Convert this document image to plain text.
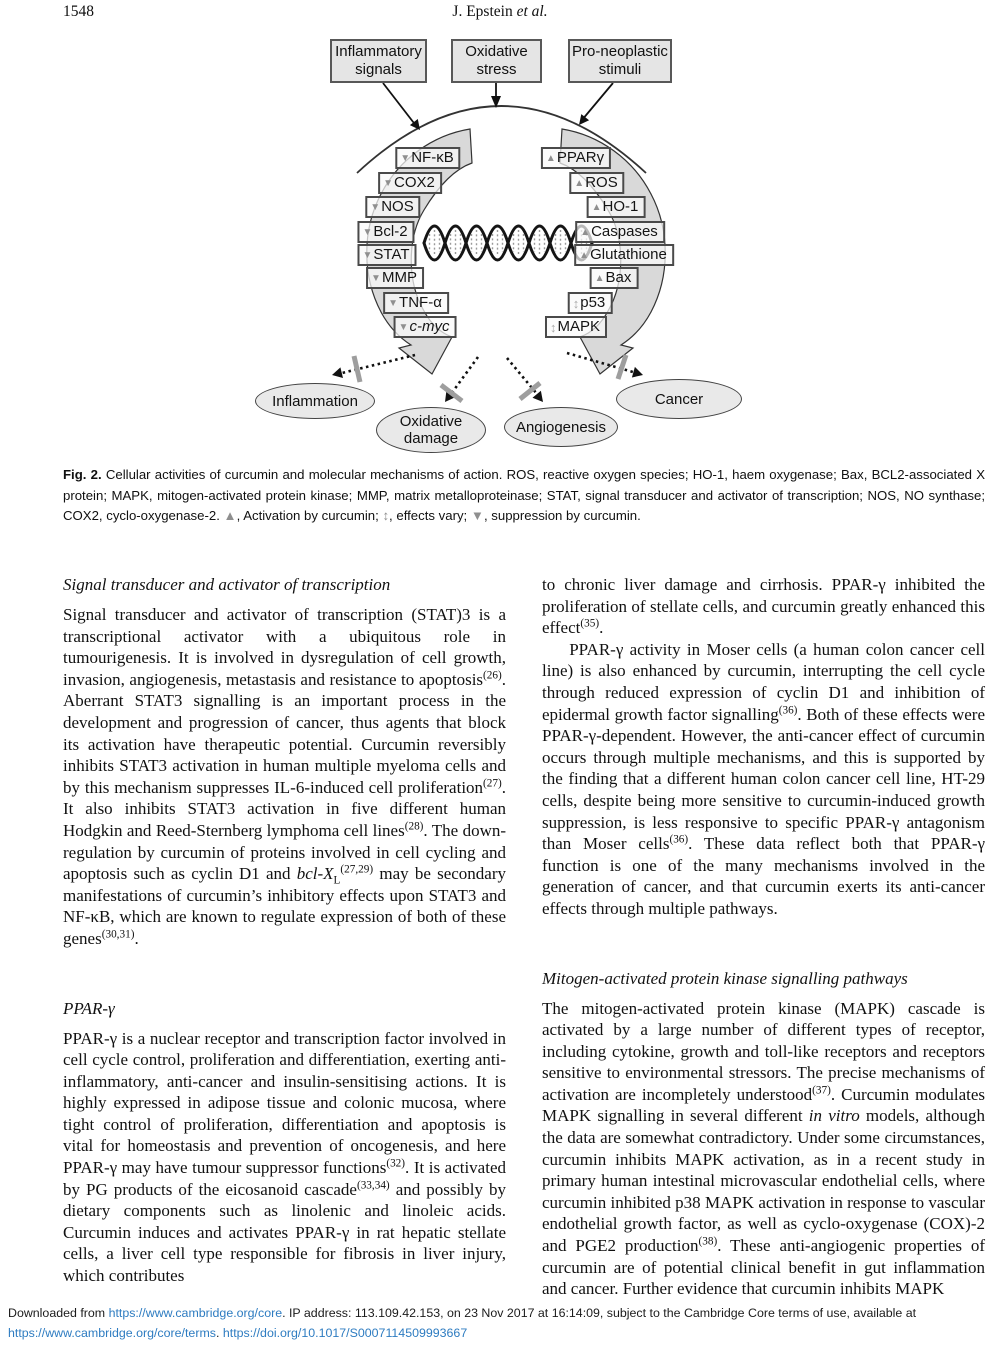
1548	J. Epstein et al.
Inflammatory signals
Oxidative stress
Pro-neoplastic stimuli
▼NF-κB
▼COX2
▼NOS
▼Bcl-2
▼STAT
▼MMP
▼TNF-α
▼c-myc
▲PPARγ
▲ROS
▲HO-1
▲Caspases
▲Glutathione
▲Bax
↕p53
↕MAPK
Inflammation
Oxidative damage
Angiogenesis
Cancer
Fig. 2. Cellular activities of curcumin and molecular mechanisms of action. ROS, reactive oxygen species; HO-1, haem oxygenase; Bax, BCL2-associated X protein; MAPK, mitogen-activated protein kinase; MMP, matrix metalloproteinase; STAT, signal transducer and activator of transcription; NOS, NO synthase; COX2, cyclo-oxygenase-2. ▲, Activation by curcumin; ↕, effects vary; ▼, suppression by curcumin.
Signal transducer and activator of transcription

Signal transducer and activator of transcription (STAT)3 is a transcriptional activator with a ubiquitous role in tumourigenesis. It is involved in dysregulation of cell growth, invasion, angiogenesis, metastasis and resistance to apoptosis$^{(26)}$. Aberrant STAT3 signalling is an important process in the development and progression of cancer, thus agents that block its activation have therapeutic potential. Curcumin reversibly inhibits STAT3 activation in human multiple myeloma cells and by this mechanism suppresses IL-6-induced cell proliferation$^{(27)}$. It also inhibits STAT3 activation in five different human Hodgkin and Reed-Sternberg lymphoma cell lines$^{(28)}$. The down-regulation by curcumin of proteins involved in cell cycling and apoptosis such as cyclin D1 and bcl-$X_L^{(27,29)}$ may be secondary manifestations of curcumin’s inhibitory effects upon STAT3 and NF-κB, which are known to regulate expression of both of these genes$^{(30,31)}$.

PPAR-γ

PPAR-γ is a nuclear receptor and transcription factor involved in cell cycle control, proliferation and differentiation, exerting anti-inflammatory, anti-cancer and insulin-sensitising actions. It is highly expressed in adipose tissue and colonic mucosa, where tight control of proliferation, differentiation and apoptosis is vital for homeostasis and prevention of oncogenesis, and here PPAR-γ may have tumour suppressor functions$^{(32)}$. It is activated by PG products of the eicosanoid cascade$^{(33,34)}$ and possibly by dietary components such as linolenic and linoleic acids. Curcumin induces and activates PPAR-γ in rat hepatic stellate cells, a liver cell type responsible for fibrosis in liver injury, which contributes

to chronic liver damage and cirrhosis. PPAR-γ inhibited the proliferation of stellate cells, and curcumin greatly enhanced this effect$^{(35)}$.

PPAR-γ activity in Moser cells (a human colon cancer cell line) is also enhanced by curcumin, interrupting the cell cycle through reduced expression of cyclin D1 and inhibition of epidermal growth factor signalling$^{(36)}$. Both of these effects were PPAR-γ-dependent. However, the anti-cancer effect of curcumin occurs through multiple mechanisms, and this is supported by the finding that a different human colon cancer cell line, HT-29 cells, despite being more sensitive to curcumin-induced growth suppression, is less responsive to specific PPAR-γ antagonism than Moser cells$^{(36)}$. These data reflect both that PPAR-γ function is one of the many mechanisms involved in the generation of cancer, and that curcumin exerts its anti-cancer effects through multiple pathways.

Mitogen-activated protein kinase signalling pathways

The mitogen-activated protein kinase (MAPK) cascade is activated by a large number of different types of receptor, including cytokine, growth and toll-like receptors and receptors sensitive to environmental stressors. The precise mechanisms of activation are incompletely understood$^{(37)}$. Curcumin modulates MAPK signalling in several different in vitro models, although the data are somewhat contradictory. Under some circumstances, curcumin inhibits MAPK activation, as in a recent study in primary human intestinal microvascular endothelial cells, where curcumin inhibited p38 MAPK activation in response to vascular endothelial growth factor, as well as cyclo-oxygenase (COX)-2 and PGE2 production$^{(38)}$. These anti-angiogenic properties of curcumin are of potential clinical benefit in gut inflammation and cancer. Further evidence that curcumin inhibits MAPK

Downloaded from https://www.cambridge.org/core. IP address: 113.109.42.153, on 23 Nov 2017 at 16:14:09, subject to the Cambridge Core terms of use, available at
https://www.cambridge.org/core/terms. https://doi.org/10.1017/S0007114509993667
